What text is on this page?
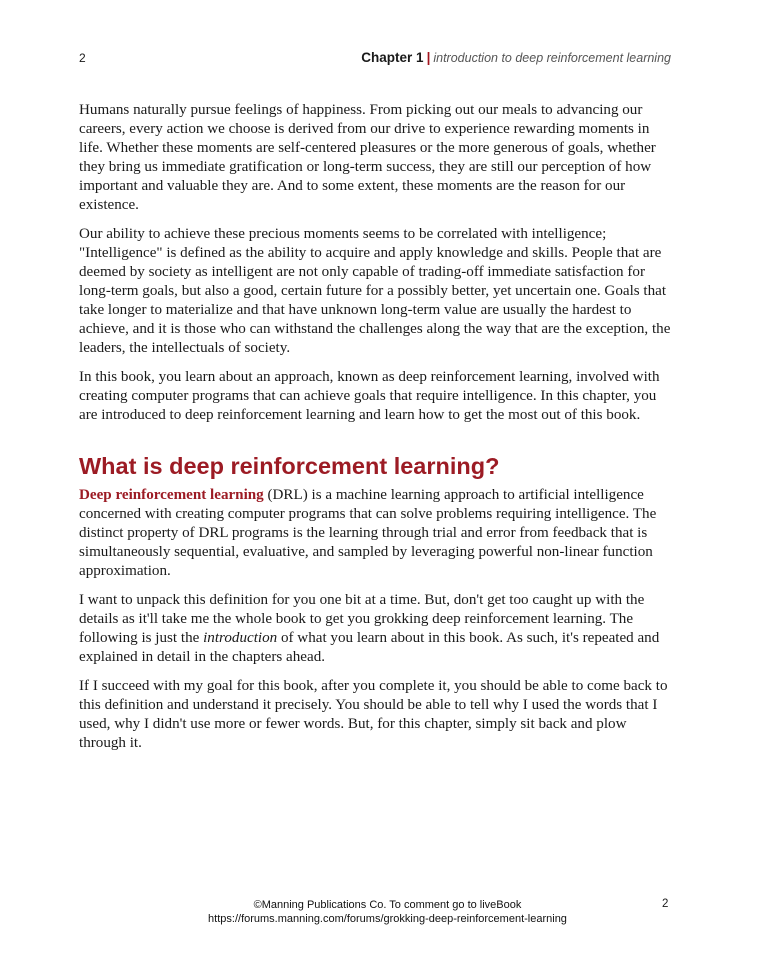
2	Chapter 1 | introduction to deep reinforcement learning

Humans naturally pursue feelings of happiness. From picking out our meals to advancing our careers, every action we choose is derived from our drive to experience rewarding moments in life. Whether these moments are self-centered pleasures or the more generous of goals, whether they bring us immediate gratification or long-term success, they are still our perception of how important and valuable they are. And to some extent, these moments are the reason for our existence.

Our ability to achieve these precious moments seems to be correlated with intelligence; "Intelligence" is defined as the ability to acquire and apply knowledge and skills. People that are deemed by society as intelligent are not only capable of trading-off immediate satisfaction for long-term goals, but also a good, certain future for a possibly better, yet uncertain one. Goals that take longer to materialize and that have unknown long-term value are usually the hardest to achieve, and it is those who can withstand the challenges along the way that are the exception, the leaders, the intellectuals of society.

In this book, you learn about an approach, known as deep reinforcement learning, involved with creating computer programs that can achieve goals that require intelligence. In this chapter, you are introduced to deep reinforcement learning and learn how to get the most out of this book.

What is deep reinforcement learning?

Deep reinforcement learning (DRL) is a machine learning approach to artificial intelligence concerned with creating computer programs that can solve problems requiring intelligence. The distinct property of DRL programs is the learning through trial and error from feedback that is simultaneously sequential, evaluative, and sampled by leveraging powerful non-linear function approximation.

I want to unpack this definition for you one bit at a time. But, don't get too caught up with the details as it'll take me the whole book to get you grokking deep reinforcement learning. The following is just the introduction of what you learn about in this book. As such, it's repeated and explained in detail in the chapters ahead.

If I succeed with my goal for this book, after you complete it, you should be able to come back to this definition and understand it precisely. You should be able to tell why I used the words that I used, why I didn't use more or fewer words. But, for this chapter, simply sit back and plow through it.

©Manning Publications Co. To comment go to liveBook
https://forums.manning.com/forums/grokking-deep-reinforcement-learning
2
